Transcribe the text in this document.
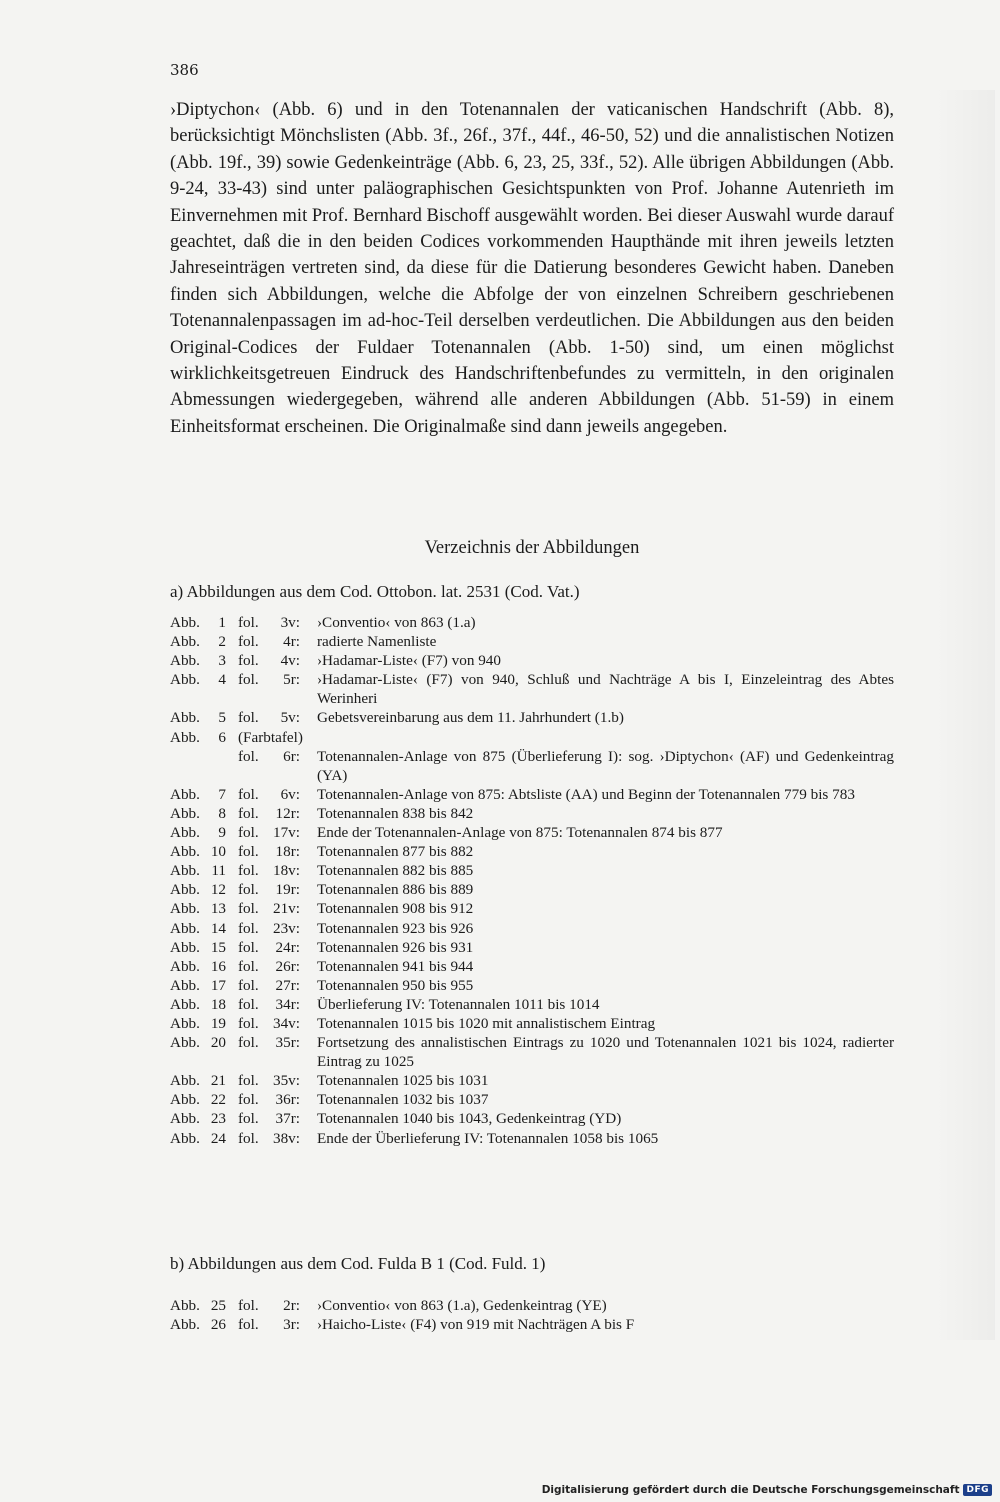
386
›Diptychon‹ (Abb. 6) und in den Totenannalen der vaticanischen Handschrift (Abb. 8), berücksichtigt Mönchslisten (Abb. 3f., 26f., 37f., 44f., 46-50, 52) und die annalistischen Notizen (Abb. 19f., 39) sowie Gedenkeinträge (Abb. 6, 23, 25, 33f., 52). Alle übrigen Abbildungen (Abb. 9-24, 33-43) sind unter paläographischen Gesichtspunkten von Prof. Johanne Autenrieth im Einvernehmen mit Prof. Bernhard Bischoff ausgewählt worden. Bei dieser Auswahl wurde darauf geachtet, daß die in den beiden Codices vorkommenden Haupthände mit ihren jeweils letzten Jahreseinträgen vertreten sind, da diese für die Datierung besonderes Gewicht haben. Daneben finden sich Abbildungen, welche die Abfolge der von einzelnen Schreibern geschriebenen Totenannalenpassagen im ad-hoc-Teil derselben verdeutlichen. Die Abbildungen aus den beiden Original-Codices der Fuldaer Totenannalen (Abb. 1-50) sind, um einen möglichst wirklichkeitsgetreuen Eindruck des Handschriftenbefundes zu vermitteln, in den originalen Abmessungen wiedergegeben, während alle anderen Abbildungen (Abb. 51-59) in einem Einheitsformat erscheinen. Die Originalmaße sind dann jeweils angegeben.
Verzeichnis der Abbildungen
a) Abbildungen aus dem Cod. Ottobon. lat. 2531 (Cod. Vat.)
Abb.	1 fol.	3v:	›Conventio‹ von 863 (1.a)
Abb.	2 fol.	4r:	radierte Namenliste
Abb.	3 fol.	4v:	›Hadamar-Liste‹ (F7) von 940
Abb.	4 fol.	5r:	›Hadamar-Liste‹ (F7) von 940, Schluß und Nachträge A bis I, Einzeleintrag des Abtes Werinheri
Abb.	5 fol.	5v:	Gebetsvereinbarung aus dem 11. Jahrhundert (1.b)
Abb.	6 (Farbtafel)
fol.	6r:	Totenannalen-Anlage von 875 (Überlieferung I): sog. ›Diptychon‹ (AF) und Gedenkeintrag (YA)
Abb.	7 fol.	6v:	Totenannalen-Anlage von 875: Abtsliste (AA) und Beginn der Totenannalen 779 bis 783
Abb.	8 fol.	12r:	Totenannalen 838 bis 842
Abb.	9 fol. 17v:	Ende der Totenannalen-Anlage von 875: Totenannalen 874 bis 877
Abb. 10 fol.	18r:	Totenannalen 877 bis 882
Abb. 11 fol. 18v:	Totenannalen 882 bis 885
Abb. 12 fol.	19r:	Totenannalen 886 bis 889
Abb. 13 fol. 21v:	Totenannalen 908 bis 912
Abb. 14 fol. 23v:	Totenannalen 923 bis 926
Abb. 15 fol.	24r:	Totenannalen 926 bis 931
Abb. 16 fol.	26r:	Totenannalen 941 bis 944
Abb. 17 fol.	27r:	Totenannalen 950 bis 955
Abb. 18 fol.	34r:	Überlieferung IV: Totenannalen 1011 bis 1014
Abb. 19 fol. 34v:	Totenannalen 1015 bis 1020 mit annalistischem Eintrag
Abb. 20 fol.	35r:	Fortsetzung des annalistischen Eintrags zu 1020 und Totenannalen 1021 bis 1024, radierter Eintrag zu 1025
Abb. 21 fol. 35v:	Totenannalen 1025 bis 1031
Abb. 22 fol.	36r:	Totenannalen 1032 bis 1037
Abb. 23 fol.	37r:	Totenannalen 1040 bis 1043, Gedenkeintrag (YD)
Abb. 24 fol. 38v:	Ende der Überlieferung IV: Totenannalen 1058 bis 1065
b) Abbildungen aus dem Cod. Fulda B 1 (Cod. Fuld. 1)
Abb. 25 fol.	2r:	›Conventio‹ von 863 (1.a), Gedenkeintrag (YE)
Abb. 26 fol.	3r:	›Haicho-Liste‹ (F4) von 919 mit Nachträgen A bis F
Digitalisierung gefördert durch die Deutsche Forschungsgemeinschaft DFG
